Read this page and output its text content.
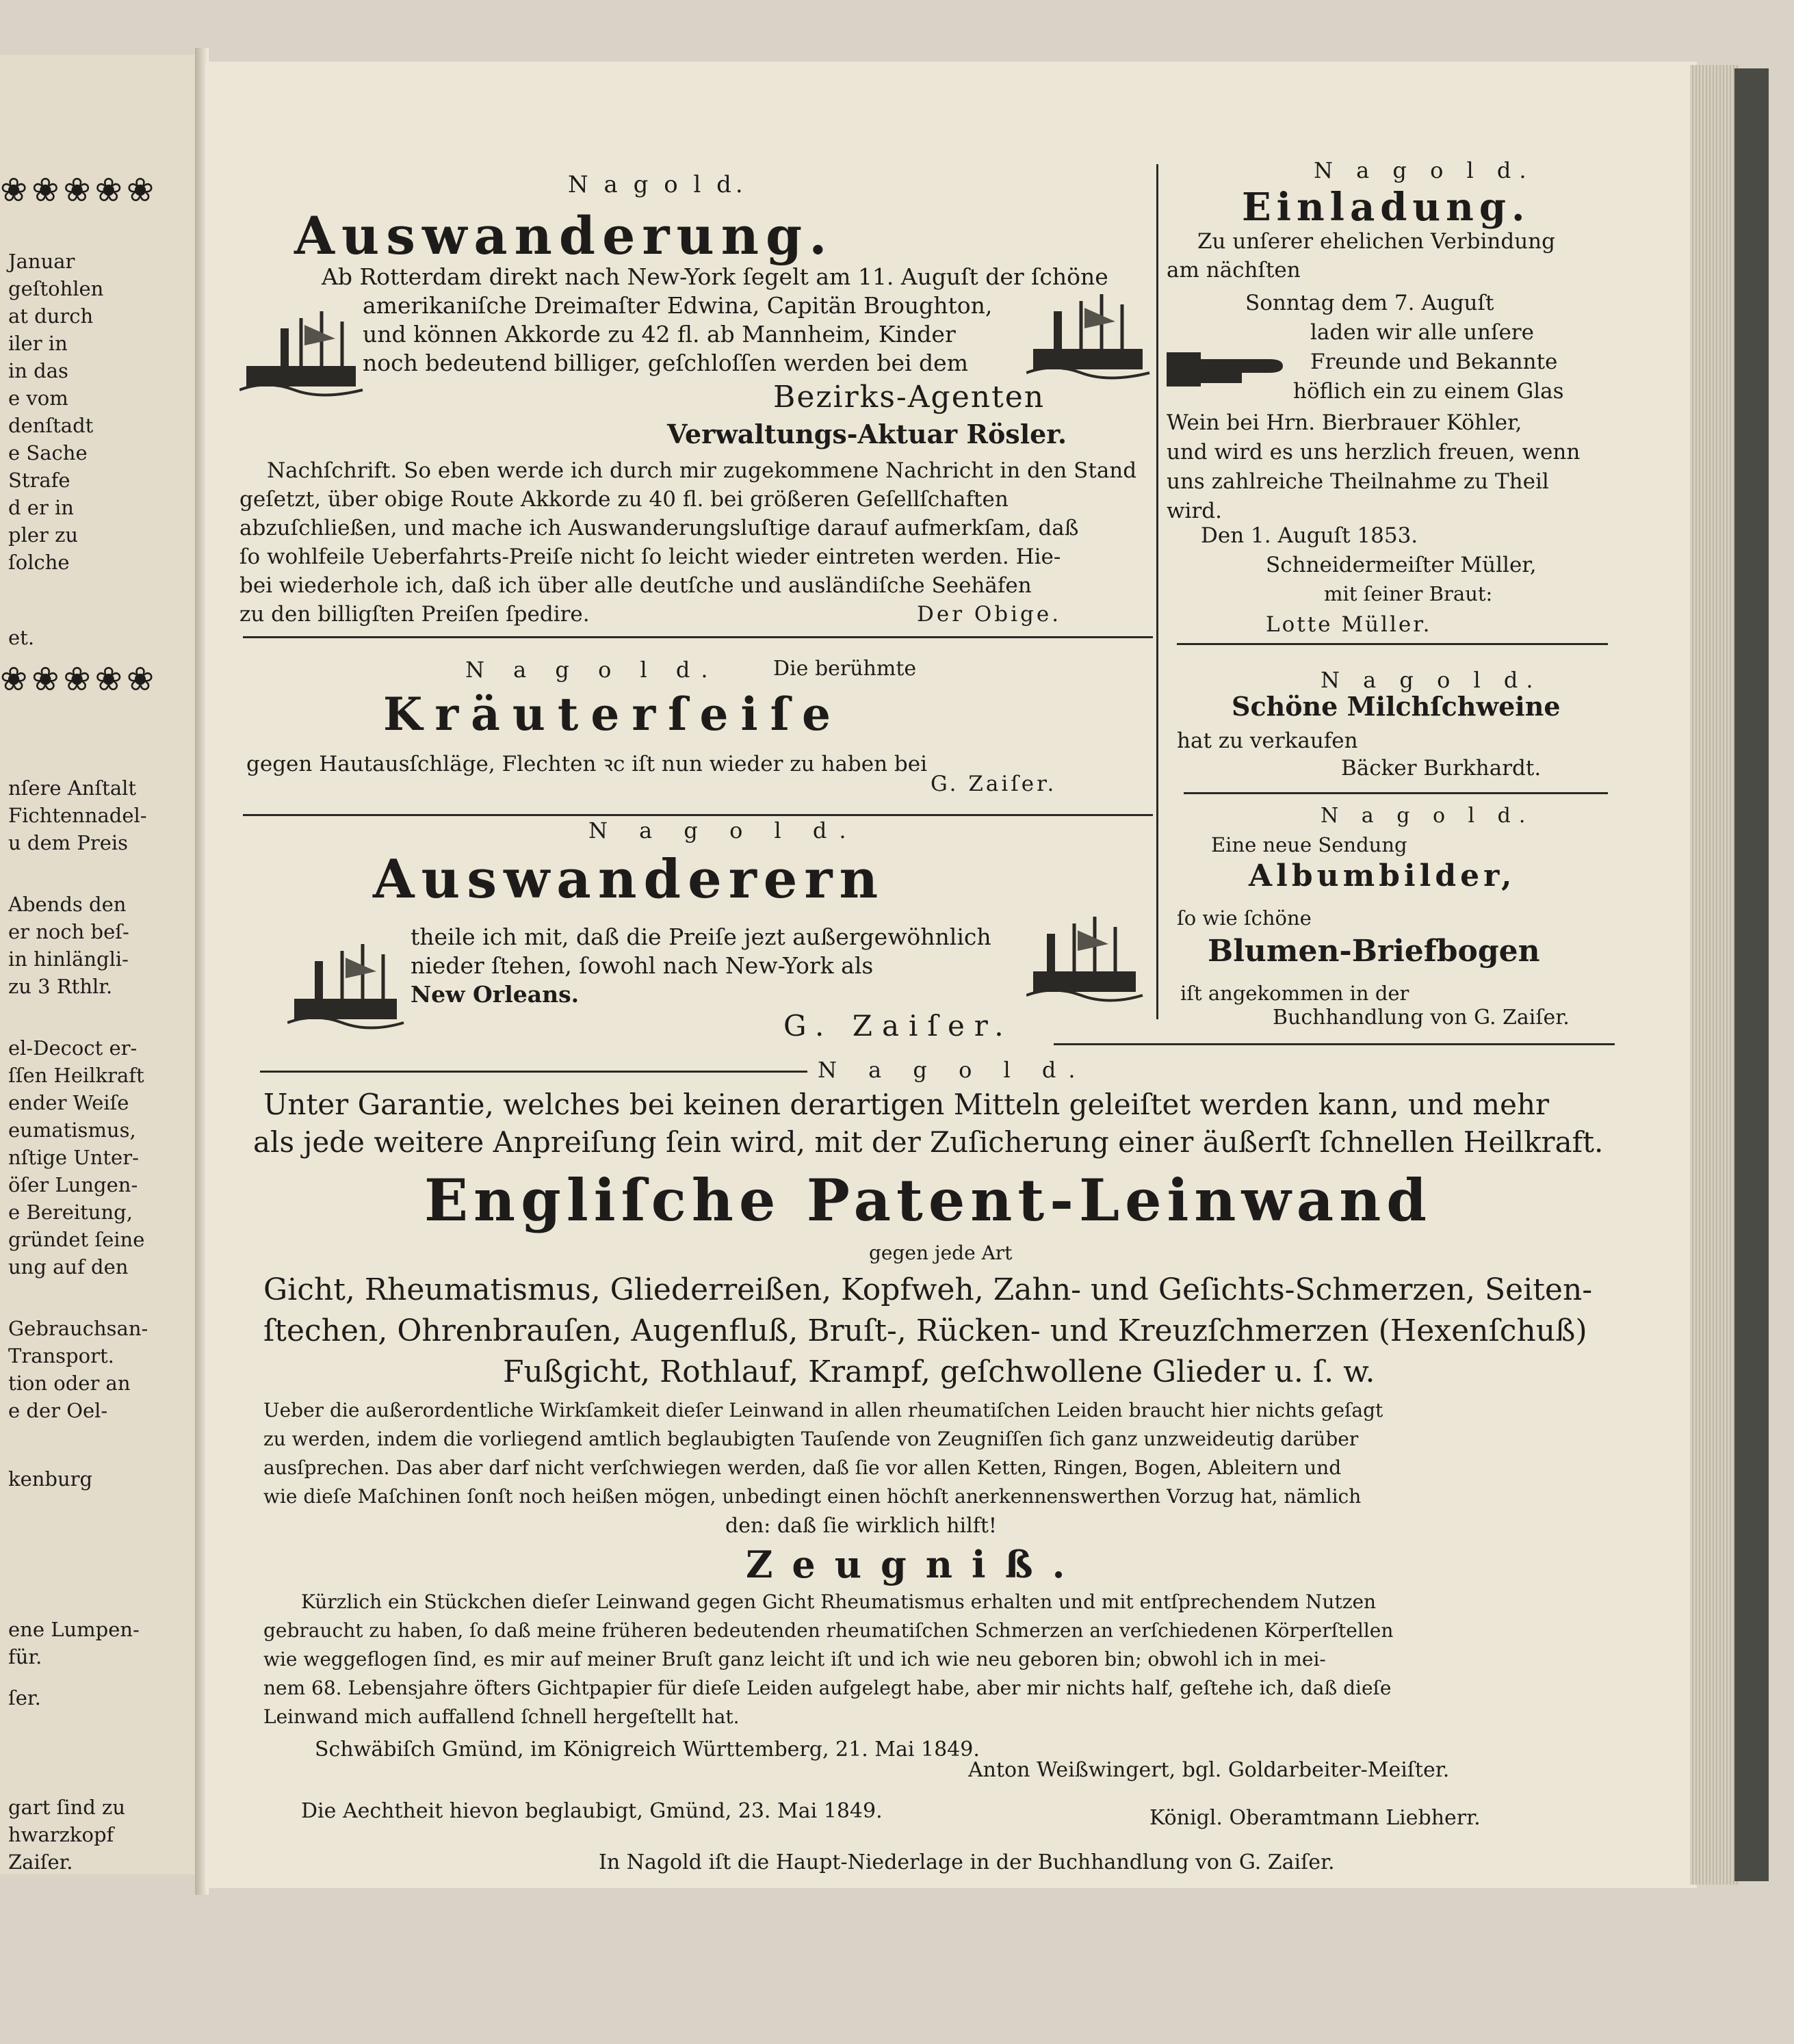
❀❀❀❀❀
Januar
geſtohlen
at durch
iler in
in das
e vom
denſtadt
e Sache
Strafe
d er in
pler zu
ſolche
et.
❀❀❀❀❀
nſere Anſtalt
Fichtennadel-
u dem Preis
Abends den
er noch beſ-
in hinlängli-
zu 3 Rthlr.
el-Decoct er-
ſſen Heilkraft
ender Weiſe
eumatismus,
nſtige Unter-
öſer Lungen-
e Bereitung,
gründet ſeine
ung auf den
Gebrauchsan-
Transport.
tion oder an
e der Oel-
kenburg
ene Lumpen-
für.
ſer.
gart ſind zu
hwarzkopf
Zaiſer.
N a g o l d.
Auswanderung.
Ab Rotterdam direkt nach New-York ſegelt am 11. Auguſt der ſchöne
amerikaniſche Dreimaſter Edwina, Capitän Broughton,
und können Akkorde zu 42 fl. ab Mannheim, Kinder
noch bedeutend billiger, geſchloſſen werden bei dem
Bezirks-Agenten
Verwaltungs-Aktuar Rösler.
Nachſchrift. So eben werde ich durch mir zugekommene Nachricht in den Stand
geſetzt, über obige Route Akkorde zu 40 fl. bei größeren Geſellſchaften
abzuſchließen, und mache ich Auswanderungsluſtige darauf aufmerkſam, daß
ſo wohlfeile Ueberfahrts-Preiſe nicht ſo leicht wieder eintreten werden. Hie-
bei wiederhole ich, daß ich über alle deutſche und ausländiſche Seehäfen
zu den billigſten Preiſen ſpedire.	Der Obige.
N a g o l d.	Die berühmte
Kräuterſeiſe
gegen Hautausſchläge, Flechten ꝛc iſt nun wieder zu haben bei
G. Zaiſer.
N a g o l d.
Auswanderern
theile ich mit, daß die Preiſe jezt außergewöhnlich
nieder ſtehen, ſowohl nach New-York als
New Orleans.
G. Zaiſer.
N a g o l d.
Einladung.
Zu unſerer ehelichen Verbindung
am nächſten
Sonntag dem 7. Auguſt
laden wir alle unſere
Freunde und Bekannte
höflich ein zu einem Glas
Wein bei Hrn. Bierbrauer Köhler,
und wird es uns herzlich freuen, wenn
uns zahlreiche Theilnahme zu Theil
wird.
Den 1. Auguſt 1853.
Schneidermeiſter Müller,
mit ſeiner Braut:
Lotte Müller.
N a g o l d.
Schöne Milchſchweine
hat zu verkaufen
Bäcker Burkhardt.
N a g o l d.
Eine neue Sendung
Albumbilder,
ſo wie ſchöne
Blumen-Briefbogen
iſt angekommen in der
Buchhandlung von G. Zaiſer.
N a g o l d.
Unter Garantie, welches bei keinen derartigen Mitteln geleiſtet werden kann, und mehr
als jede weitere Anpreiſung ſein wird, mit der Zuſicherung einer äußerſt ſchnellen Heilkraft.
Engliſche Patent-Leinwand
gegen jede Art
Gicht, Rheumatismus, Gliederreißen, Kopfweh, Zahn- und Geſichts-Schmerzen, Seiten-
ſtechen, Ohrenbrauſen, Augenfluß, Bruſt-, Rücken- und Kreuzſchmerzen (Hexenſchuß)
Fußgicht, Rothlauf, Krampf, geſchwollene Glieder u. ſ. w.
Ueber die außerordentliche Wirkſamkeit dieſer Leinwand in allen rheumatiſchen Leiden braucht hier nichts geſagt
zu werden, indem die vorliegend amtlich beglaubigten Tauſende von Zeugniſſen ſich ganz unzweideutig darüber
ausſprechen. Das aber darf nicht verſchwiegen werden, daß ſie vor allen Ketten, Ringen, Bogen, Ableitern und
wie dieſe Maſchinen ſonſt noch heißen mögen, unbedingt einen höchſt anerkennenswerthen Vorzug hat, nämlich
den: daß ſie wirklich hilft!
Zeugniß.
Kürzlich ein Stückchen dieſer Leinwand gegen Gicht Rheumatismus erhalten und mit entſprechendem Nutzen
gebraucht zu haben, ſo daß meine früheren bedeutenden rheumatiſchen Schmerzen an verſchiedenen Körperſtellen
wie weggeflogen ſind, es mir auf meiner Bruſt ganz leicht iſt und ich wie neu geboren bin; obwohl ich in mei-
nem 68. Lebensjahre öfters Gichtpapier für dieſe Leiden aufgelegt habe, aber mir nichts half, geſtehe ich, daß dieſe
Leinwand mich auffallend ſchnell hergeſtellt hat.
Schwäbiſch Gmünd, im Königreich Württemberg, 21. Mai 1849.
Anton Weißwingert, bgl. Goldarbeiter-Meiſter.
Die Aechtheit hievon beglaubigt, Gmünd, 23. Mai 1849.	Königl. Oberamtmann Liebherr.
In Nagold iſt die Haupt-Niederlage in der Buchhandlung von G. Zaiſer.
